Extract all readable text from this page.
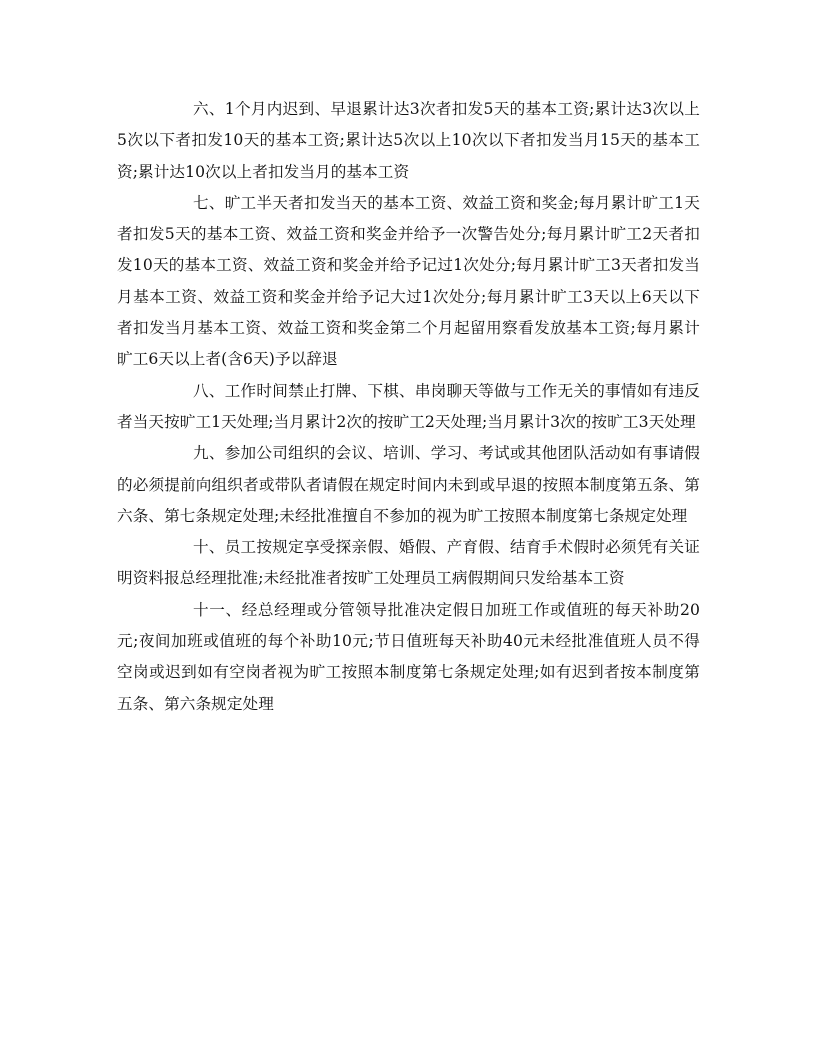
六、1个月内迟到、早退累计达3次者扣发5天的基本工资;累计达3次以上5次以下者扣发10天的基本工资;累计达5次以上10次以下者扣发当月15天的基本工资;累计达10次以上者扣发当月的基本工资

七、旷工半天者扣发当天的基本工资、效益工资和奖金;每月累计旷工1天者扣发5天的基本工资、效益工资和奖金并给予一次警告处分;每月累计旷工2天者扣发10天的基本工资、效益工资和奖金并给予记过1次处分;每月累计旷工3天者扣发当月基本工资、效益工资和奖金并给予记大过1次处分;每月累计旷工3天以上6天以下者扣发当月基本工资、效益工资和奖金第二个月起留用察看发放基本工资;每月累计旷工6天以上者(含6天)予以辞退

八、工作时间禁止打牌、下棋、串岗聊天等做与工作无关的事情如有违反者当天按旷工1天处理;当月累计2次的按旷工2天处理;当月累计3次的按旷工3天处理

九、参加公司组织的会议、培训、学习、考试或其他团队活动如有事请假的必须提前向组织者或带队者请假在规定时间内未到或早退的按照本制度第五条、第六条、第七条规定处理;未经批准擅自不参加的视为旷工按照本制度第七条规定处理

十、员工按规定享受探亲假、婚假、产育假、结育手术假时必须凭有关证明资料报总经理批准;未经批准者按旷工处理员工病假期间只发给基本工资

十一、经总经理或分管领导批准决定假日加班工作或值班的每天补助20元;夜间加班或值班的每个补助10元;节日值班每天补助40元未经批准值班人员不得空岗或迟到如有空岗者视为旷工按照本制度第七条规定处理;如有迟到者按本制度第五条、第六条规定处理
